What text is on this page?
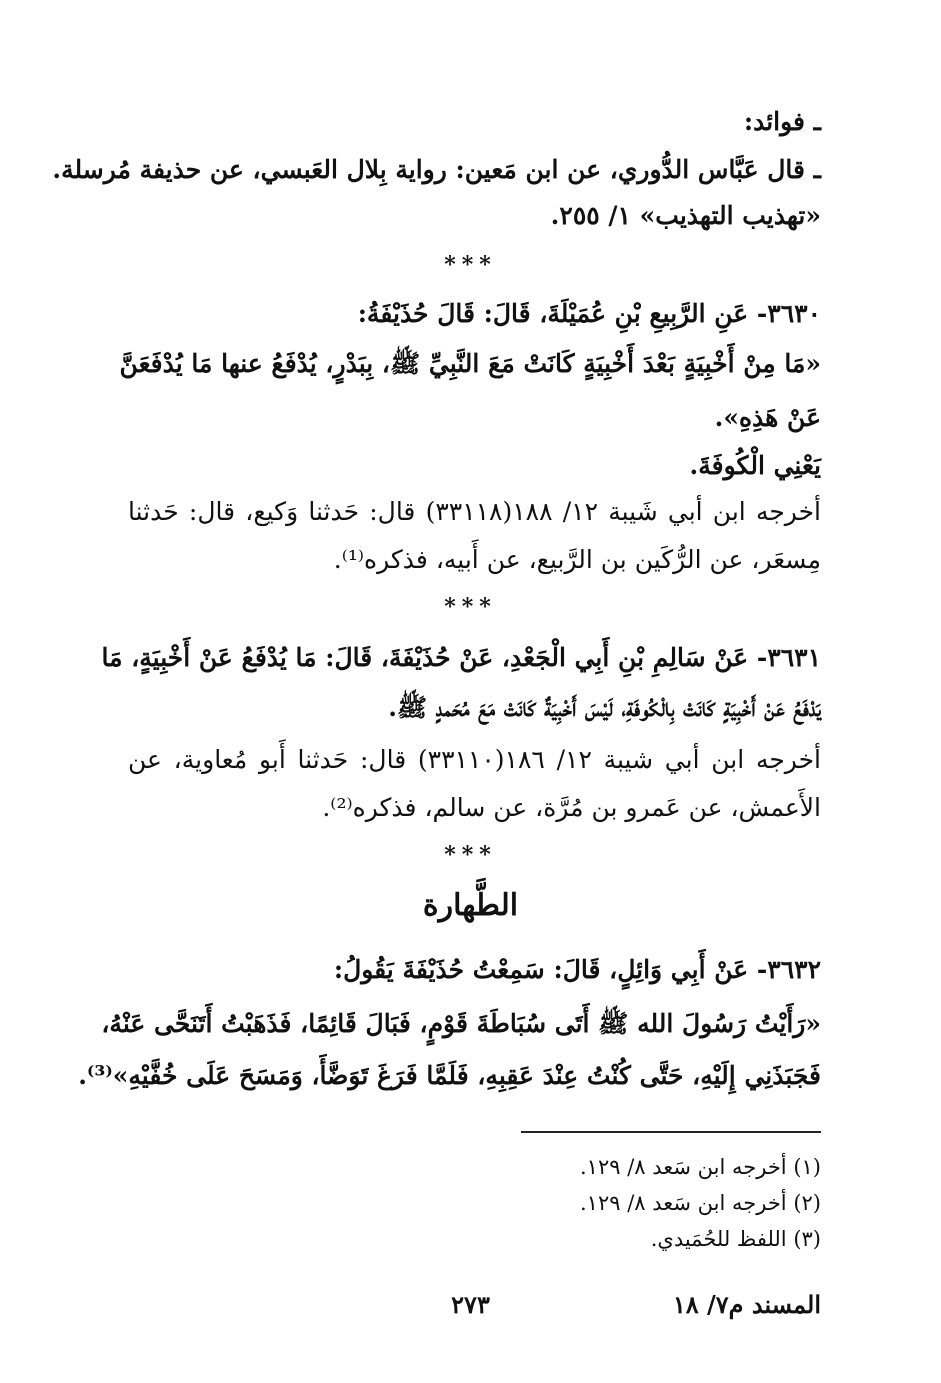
ـ فوائد:
ـ قال عَبَّاس الدُّوري، عن ابن مَعين: رواية بِلال العَبسي، عن حذيفة مُرسلة.
«تهذيب التهذيب» ١/ ٢٥٥.
***
٣٦٣٠- عَنِ الرَّبِيعِ بْنِ عُمَيْلَةَ، قَالَ: قَالَ حُذَيْفَةُ:
«مَا مِنْ أَخْبِيَةٍ بَعْدَ أَخْبِيَةٍ كَانَتْ مَعَ النَّبِيِّ ﷺ، بِبَدْرٍ، يُدْفَعُ عنها مَا يُدْفَعَنَّ
عَنْ هَذِهِ».
يَعْنِي الْكُوفَةَ.
أخرجه ابن أبي شَيبة ١٢/ ١٨٨(٣٣١١٨) قال: حَدثنا وَكيع، قال: حَدثنا
مِسعَر، عن الرُّكَين بن الرَّبيع، عن أَبيه، فذكره⁽¹⁾.
***
٣٦٣١- عَنْ سَالِمِ بْنِ أَبِي الْجَعْدِ، عَنْ حُذَيْفَةَ، قَالَ: مَا يُدْفَعُ عَنْ أَخْبِيَةٍ، مَا
يَدْفَعُ عَنْ أَخْبِيَةٍ كَانَتْ بِالْكُوفَةِ، لَيْسَ أَخْبِيَةٌ كَانَتْ مَعَ مُحَمدٍ ﷺ.
أخرجه ابن أبي شيبة ١٢/ ١٨٦(٣٣١١٠) قال: حَدثنا أَبو مُعاوية، عن
الأَعمش، عن عَمرو بن مُرَّة، عن سالم، فذكره⁽²⁾.
***
الطَّهارة
٣٦٣٢- عَنْ أَبِي وَائِلٍ، قَالَ: سَمِعْتُ حُذَيْفَةَ يَقُولُ:
«رَأَيْتُ رَسُولَ الله ﷺ أَتَى سُبَاطَةَ قَوْمٍ، فَبَالَ قَائِمًا، فَذَهَبْتُ أَتَنَحَّى عَنْهُ،
فَجَبَذَنِي إِلَيْهِ، حَتَّى كُنْتُ عِنْدَ عَقِبِهِ، فَلَمَّا فَرَغَ تَوَضَّأَ، وَمَسَحَ عَلَى خُفَّيْهِ»⁽³⁾.
(١) أخرجه ابن سَعد ٨/ ١٢٩.
(٢) أخرجه ابن سَعد ٨/ ١٢٩.
(٣) اللفظ للحُمَيدي.
٢٧٣	المسند م٧/ ١٨
